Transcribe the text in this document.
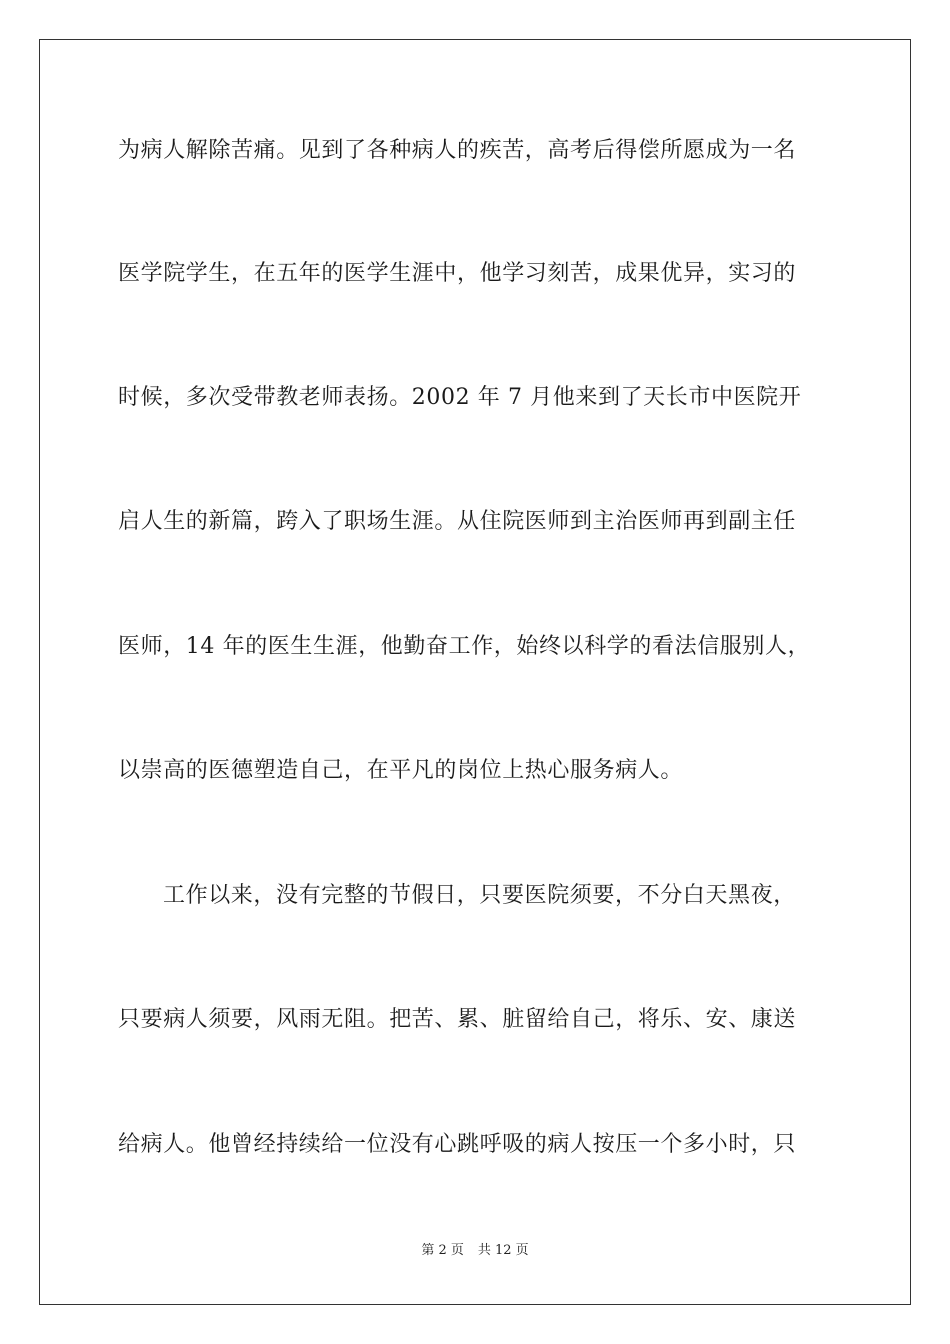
为病人解除苦痛。见到了各种病人的疾苦，高考后得偿所愿成为一名
医学院学生，在五年的医学生涯中，他学习刻苦，成果优异，实习的
时候，多次受带教老师表扬。2002 年 7 月他来到了天长市中医院开
启人生的新篇，跨入了职场生涯。从住院医师到主治医师再到副主任
医师，14 年的医生生涯，他勤奋工作，始终以科学的看法信服别人，
以崇高的医德塑造自己，在平凡的岗位上热心服务病人。
工作以来，没有完整的节假日，只要医院须要，不分白天黑夜，
只要病人须要，风雨无阻。把苦、累、脏留给自己，将乐、安、康送
给病人。他曾经持续给一位没有心跳呼吸的病人按压一个多小时，只
第 2 页 共 12 页
